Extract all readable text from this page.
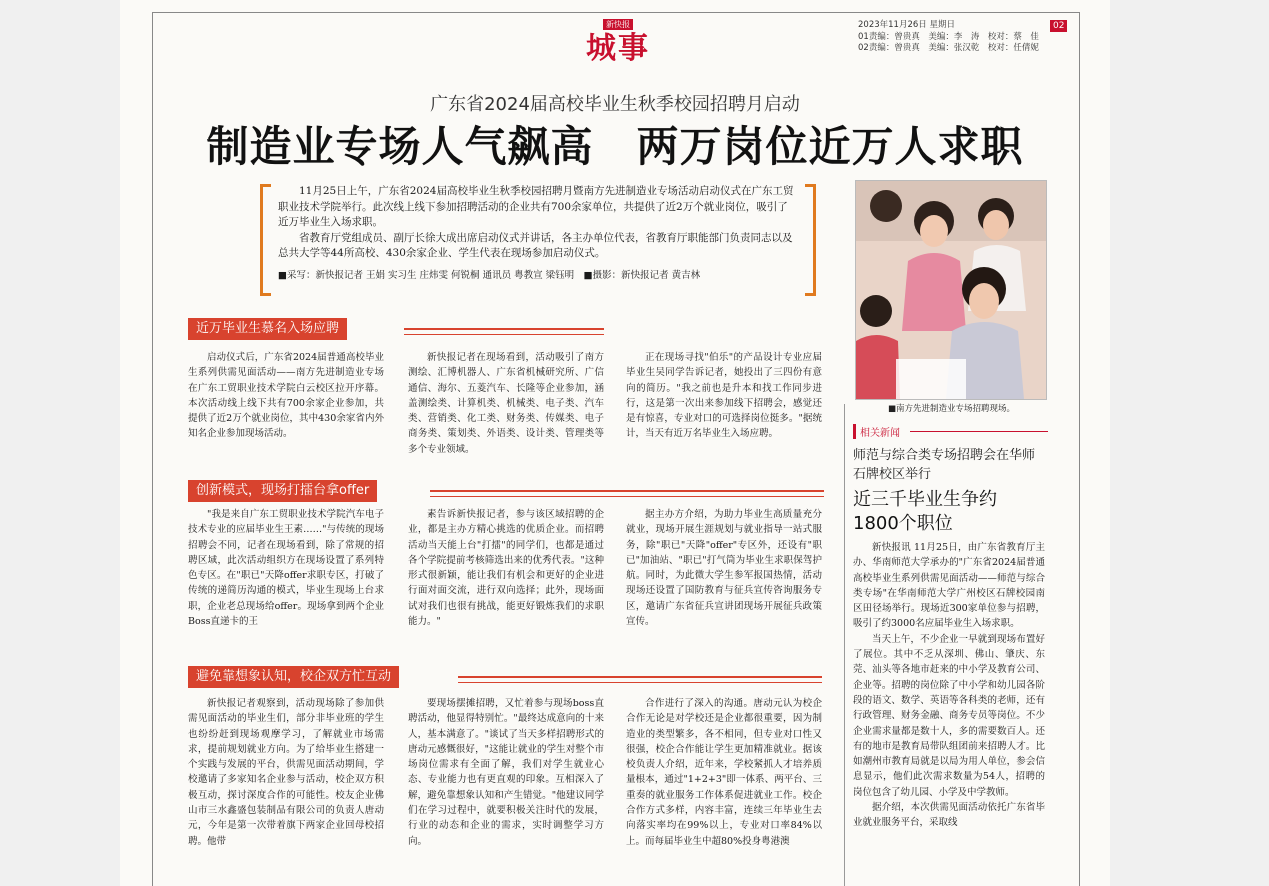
新快报
城事
2023年11月26日 星期日
01责编：曾贵真　美编：李　涛　校对：蔡　佳
02责编：曾贵真　美编：张汉乾　校对：任倩妮
02
广东省2024届高校毕业生秋季校园招聘月启动
制造业专场人气飙高　两万岗位近万人求职

11月25日上午，广东省2024届高校毕业生秋季校园招聘月暨南方先进制造业专场活动启动仪式在广东工贸职业技术学院举行。此次线上线下参加招聘活动的企业共有700余家单位，共提供了近2万个就业岗位，吸引了近万毕业生入场求职。

省教育厅党组成员、副厅长徐大成出席启动仪式并讲话，各主办单位代表，省教育厅职能部门负责同志以及总共大学等44所高校、430余家企业、学生代表在现场参加启动仪式。

■采写：新快报记者 王娟 实习生 庄炜雯 何锐桐 通讯员 粤教宣 梁钰明　■摄影：新快报记者 黄吉林

■南方先进制造业专场招聘现场。
近万毕业生慕名入场应聘

启动仪式后，广东省2024届普通高校毕业生系列供需见面活动——南方先进制造业专场在广东工贸职业技术学院白云校区拉开序幕。本次活动线上线下共有700余家企业参加，共提供了近2万个就业岗位，其中430余家省内外知名企业参加现场活动。

新快报记者在现场看到，活动吸引了南方测绘、汇博机器人、广东省机械研究所、广信通信、海尔、五菱汽车、长隆等企业参加，涵盖测绘类、计算机类、机械类、电子类、汽车类、营销类、化工类、财务类、传媒类、电子商务类、策划类、外语类、设计类、管理类等多个专业领域。

正在现场寻找"伯乐"的产品设计专业应届毕业生吴同学告诉记者，她投出了三四份有意向的简历。"我之前也是升本和找工作同步进行，这是第一次出来参加线下招聘会，感觉还是有惊喜，专业对口的可选择岗位挺多。"据统计，当天有近万名毕业生入场应聘。

创新模式，现场打擂台拿offer

"我是来自广东工贸职业技术学院汽车电子技术专业的应届毕业生王素……"与传统的现场招聘会不同，记者在现场看到，除了常规的招聘区域，此次活动组织方在现场设置了系列特色专区。在"职已"天降offer求职专区，打破了传统的递简历沟通的模式，毕业生现场上台求职，企业老总现场给offer。现场拿到两个企业Boss直递卡的王

素告诉新快报记者，参与该区域招聘的企业，都是主办方精心挑选的优质企业。而招聘活动当天能上台"打擂"的同学们，也都是通过各个学院提前考核筛选出来的优秀代表。"这种形式很新颖，能让我们有机会和更好的企业进行面对面交流，进行双向选择；此外，现场面试对我们也很有挑战，能更好锻炼我们的求职能力。"

据主办方介绍，为助力毕业生高质量充分就业，现场开展生涯规划与就业指导一站式服务，除"职已"天降"offer"专区外，还设有"职已"加油站、"职已"打气筒为毕业生求职保驾护航。同时，为此微大学生参军报国热情，活动现场还设置了国防教育与征兵宣传咨询服务专区，邀请广东省征兵宣讲团现场开展征兵政策宣传。

避免靠想象认知，校企双方忙互动

新快报记者观察到，活动现场除了参加供需见面活动的毕业生们，部分非毕业班的学生也纷纷赶到现场观摩学习，了解就业市场需求，提前规划就业方向。为了给毕业生搭建一个实践与发展的平台，供需见面活动期间，学校邀请了多家知名企业参与活动，校企双方积极互动，探讨深度合作的可能性。校友企业佛山市三水鑫盛包装制品有限公司的负责人唐动元，今年是第一次带着旗下两家企业回母校招聘。他带

要现场摆摊招聘，又忙着参与现场boss直聘活动，他显得特别忙。"最终达成意向的十来人，基本满意了。"谈试了当天多样招聘形式的唐动元感慨很好，"这能让就业的学生对整个市场岗位需求有全面了解，我们对学生就业心态、专业能力也有更直观的印象。互相深入了解，避免靠想象认知和产生错觉。"他建议同学们在学习过程中，就要积极关注时代的发展，行业的动态和企业的需求，实时调整学习方向。

合作进行了深入的沟通。唐动元认为校企合作无论是对学校还是企业都很重要，因为制造业的类型繁多，各不相同，但专业对口性又很强，校企合作能让学生更加精准就业。据该校负责人介绍，近年来，学校紧抓人才培养质量根本，通过"1+2+3"即一体系、两平台、三重奏的就业服务工作体系促进就业工作。校企合作方式多样，内容丰富，连续三年毕业生去向落实率均在99%以上，专业对口率84%以上。而每届毕业生中超80%投身粤港澳

相关新闻
师范与综合类专场招聘会在华师石牌校区举行
近三千毕业生争约1800个职位

新快报讯 11月25日，由广东省教育厅主办、华南师范大学承办的"广东省2024届普通高校毕业生系列供需见面活动——师范与综合类专场"在华南师范大学广州校区石牌校园南区田径场举行。现场近300家单位参与招聘，吸引了约3000名应届毕业生入场求职。

当天上午，不少企业一早就到现场布置好了展位。其中不乏从深圳、佛山、肇庆、东莞、汕头等各地市赶来的中小学及教育公司、企业等。招聘的岗位除了中小学和幼儿园各阶段的语文、数学、英语等各科类的老师，还有行政管理、财务金融、商务专员等岗位。不少企业需求量都是数十人，多的需要数百人。还有的地市是教育局带队组团前来招聘人才。比如潮州市教育局就是以局为用人单位，参会信息显示，他们此次需求数量为54人，招聘的岗位包含了幼儿园、小学及中学教师。

据介绍，本次供需见面活动依托广东省毕业就业服务平台，采取线
